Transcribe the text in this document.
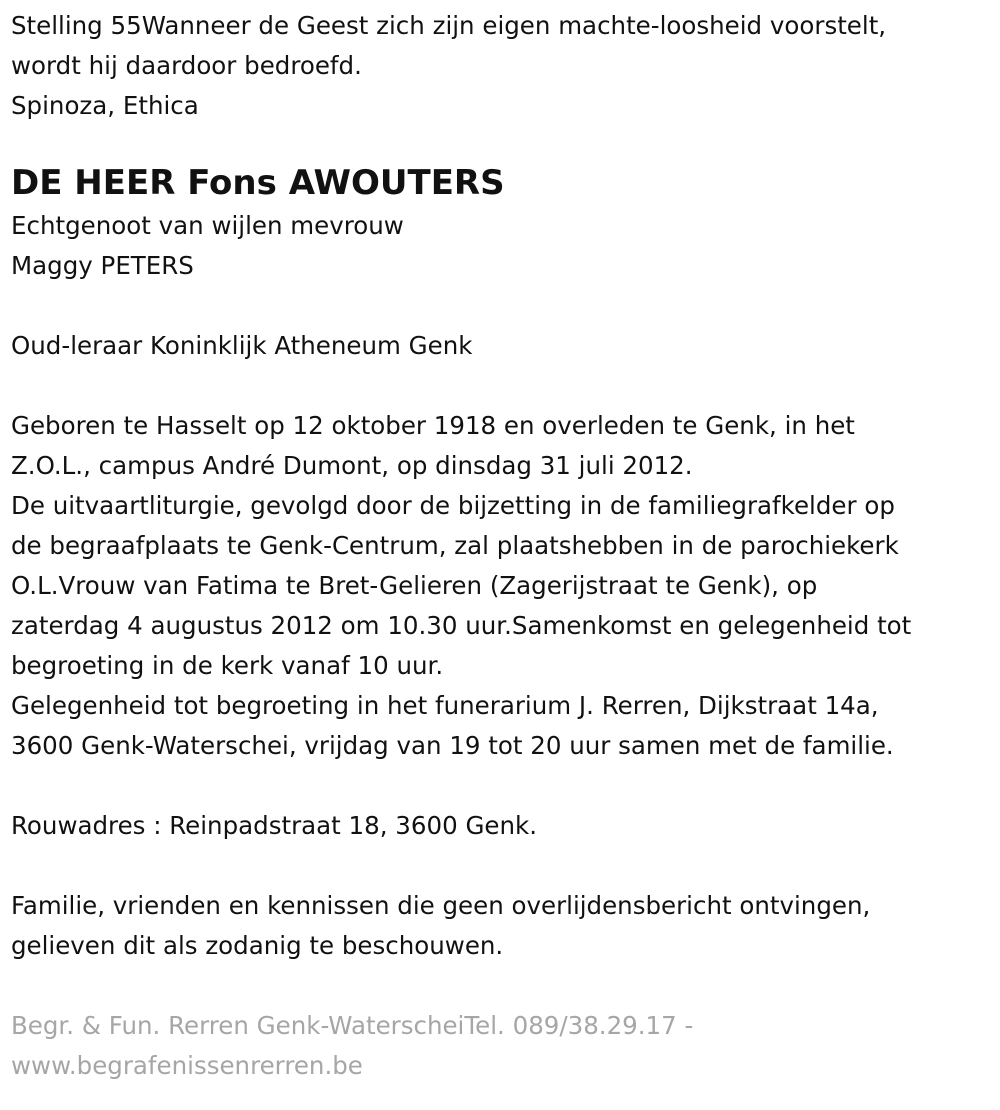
Stelling 55Wanneer de Geest zich zijn eigen machte-loosheid voorstelt,
wordt hij daardoor bedroefd.
Spinoza, Ethica
DE HEER Fons AWOUTERS
Echtgenoot van wijlen mevrouw
Maggy PETERS
Oud-leraar Koninklijk Atheneum Genk
Geboren te Hasselt op 12 oktober 1918 en overleden te Genk, in het
Z.O.L., campus André Dumont, op dinsdag 31 juli 2012.
De uitvaartliturgie, gevolgd door de bijzetting in de familiegrafkelder op
de begraafplaats te Genk-Centrum, zal plaatshebben in de parochiekerk
O.L.Vrouw van Fatima te Bret-Gelieren (Zagerijstraat te Genk), op
zaterdag 4 augustus 2012 om 10.30 uur.Samenkomst en gelegenheid tot
begroeting in de kerk vanaf 10 uur.
Gelegenheid tot begroeting in het funerarium J. Rerren, Dijkstraat 14a,
3600 Genk-Waterschei, vrijdag van 19 tot 20 uur samen met de familie.
Rouwadres : Reinpadstraat 18, 3600 Genk.
Familie, vrienden en kennissen die geen overlijdensbericht ontvingen,
gelieven dit als zodanig te beschouwen.
Begr. & Fun. Rerren Genk-WaterscheiTel. 089/38.29.17 -
www.begrafenissenrerren.be
